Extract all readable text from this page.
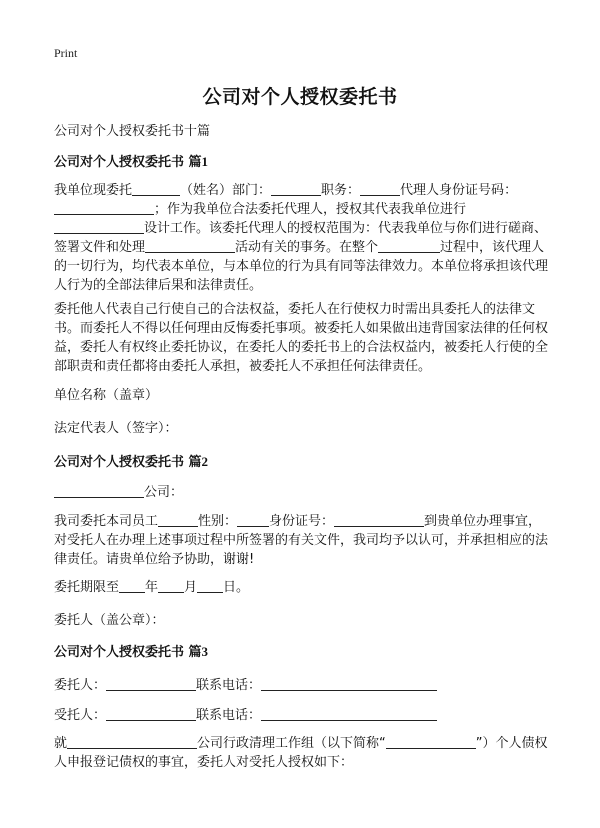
Print
公司对个人授权委托书
公司对个人授权委托书十篇
公司对个人授权委托书 篇1
我单位现委托	（姓名）部门：	职务：	代理人身份证号码：；作为我单位合法委托代理人，授权其代表我单位进行设计工作。该委托代理人的授权范围为：代表我单位与你们进行磋商、签署文件和处理	活动有关的事务。在整个	过程中，该代理人的一切行为，均代表本单位，与本单位的行为具有同等法律效力。本单位将承担该代理人行为的全部法律后果和法律责任。
委托他人代表自己行使自己的合法权益，委托人在行使权力时需出具委托人的法律文书。而委托人不得以任何理由反悔委托事项。被委托人如果做出违背国家法律的任何权益，委托人有权终止委托协议，在委托人的委托书上的合法权益内，被委托人行使的全部职责和责任都将由委托人承担，被委托人不承担任何法律责任。
单位名称（盖章）
法定代表人（签字）：
公司对个人授权委托书 篇2
公司：
我司委托本司员工	性别： 身份证号：	到贵单位办理事宜，对受托人在办理上述事项过程中所签署的有关文件，我司均予以认可，并承担相应的法律责任。请贵单位给予协助，谢谢!
委托期限至 年 月 日。
委托人（盖公章）：
公司对个人授权委托书 篇3
委托人：	联系电话：
受托人：	联系电话：
就	公司行政清理工作组（以下简称“	”）个人债权人申报登记债权的事宜，委托人对受托人授权如下：
